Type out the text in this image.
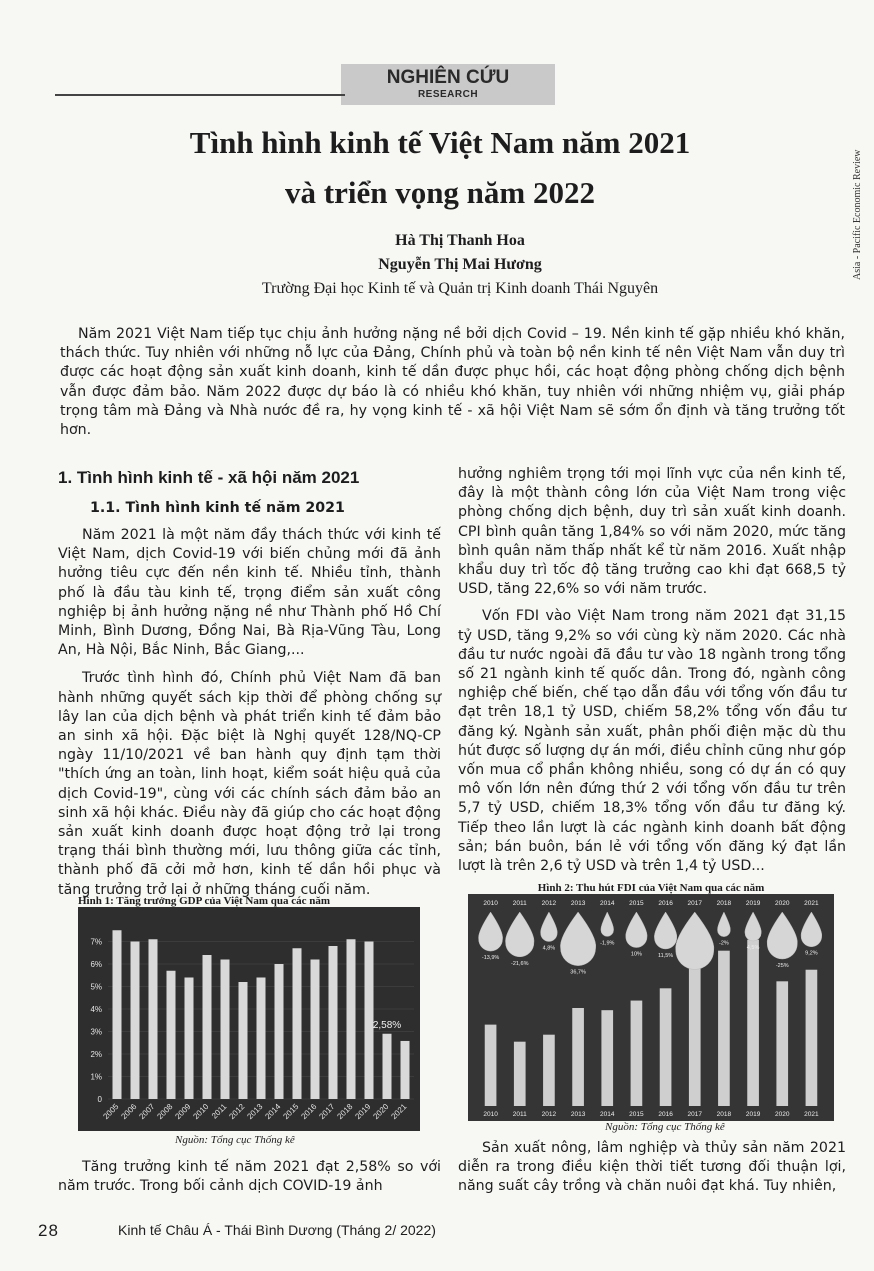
NGHIÊN CỨU
RESEARCH
Asia - Pacific Economic Review
Tình hình kinh tế Việt Nam năm 2021
và triển vọng năm 2022
Hà Thị Thanh Hoa
Nguyễn Thị Mai Hương
Trường Đại học Kinh tế và Quản trị Kinh doanh Thái Nguyên

Năm 2021 Việt Nam tiếp tục chịu ảnh hưởng nặng nề bởi dịch Covid – 19. Nền kinh tế gặp nhiều khó khăn, thách thức. Tuy nhiên với những nỗ lực của Đảng, Chính phủ và toàn bộ nền kinh tế nên Việt Nam vẫn duy trì được các hoạt động sản xuất kinh doanh, kinh tế dần được phục hồi, các hoạt động phòng chống dịch bệnh vẫn được đảm bảo. Năm 2022 được dự báo là có nhiều khó khăn, tuy nhiên với những nhiệm vụ, giải pháp trọng tâm mà Đảng và Nhà nước đề ra, hy vọng kinh tế - xã hội Việt Nam sẽ sớm ổn định và tăng trưởng tốt hơn.

1. Tình hình kinh tế - xã hội năm 2021
1.1. Tình hình kinh tế năm 2021

Năm 2021 là một năm đầy thách thức với kinh tế Việt Nam, dịch Covid-19 với biến chủng mới đã ảnh hưởng tiêu cực đến nền kinh tế. Nhiều tỉnh, thành phố là đầu tàu kinh tế, trọng điểm sản xuất công nghiệp bị ảnh hưởng nặng nề như Thành phố Hồ Chí Minh, Bình Dương, Đồng Nai, Bà Rịa-Vũng Tàu, Long An, Hà Nội, Bắc Ninh, Bắc Giang,...

Trước tình hình đó, Chính phủ Việt Nam đã ban hành những quyết sách kịp thời để phòng chống sự lây lan của dịch bệnh và phát triển kinh tế đảm bảo an sinh xã hội. Đặc biệt là Nghị quyết 128/NQ-CP ngày 11/10/2021 về ban hành quy định tạm thời "thích ứng an toàn, linh hoạt, kiểm soát hiệu quả của dịch Covid-19", cùng với các chính sách đảm bảo an sinh xã hội khác. Điều này đã giúp cho các hoạt động sản xuất kinh doanh được hoạt động trở lại trong trạng thái bình thường mới, lưu thông giữa các tỉnh, thành phố đã cởi mở hơn, kinh tế dần hồi phục và tăng trưởng trở lại ở những tháng cuối năm.

hưởng nghiêm trọng tới mọi lĩnh vực của nền kinh tế, đây là một thành công lớn của Việt Nam trong việc phòng chống dịch bệnh, duy trì sản xuất kinh doanh. CPI bình quân tăng 1,84% so với năm 2020, mức tăng bình quân năm thấp nhất kể từ năm 2016. Xuất nhập khẩu duy trì tốc độ tăng trưởng cao khi đạt 668,5 tỷ USD, tăng 22,6% so với năm trước.

Vốn FDI vào Việt Nam trong năm 2021 đạt 31,15 tỷ USD, tăng 9,2% so với cùng kỳ năm 2020. Các nhà đầu tư nước ngoài đã đầu tư vào 18 ngành trong tổng số 21 ngành kinh tế quốc dân. Trong đó, ngành công nghiệp chế biến, chế tạo dẫn đầu với tổng vốn đầu tư đạt trên 18,1 tỷ USD, chiếm 58,2% tổng vốn đầu tư đăng ký. Ngành sản xuất, phân phối điện mặc dù thu hút được số lượng dự án mới, điều chỉnh cũng như góp vốn mua cổ phần không nhiều, song có dự án có quy mô vốn lớn nên đứng thứ 2 với tổng vốn đầu tư trên 5,7 tỷ USD, chiếm 18,3% tổng vốn đầu tư đăng ký. Tiếp theo lần lượt là các ngành kinh doanh bất động sản; bán buôn, bán lẻ với tổng vốn đăng ký đạt lần lượt là trên 2,6 tỷ USD và trên 1,4 tỷ USD...

Hình 1: Tăng trưởng GDP của Việt Nam qua các năm
0
1%
2%
3%
4%
5%
6%
7%
2005 2006 2007 2008 2009 2010 2011 2012 2013 2014 2015 2016 2017 2018 2019 2020 2021
2,58%
Nguồn: Tổng cục Thống kê
Hình 2: Thu hút FDI của Việt Nam qua các năm
2010
2010
-13,9%
2011
2011
-21,6%
2012
2012
4,8%
2013
2013
36,7%
2014
2014
-1,9%
2015
2015
10%
2016
2016
11,5%
2017
2017
2018
2018
-2%
2019
2019
4,5%
2020
2020
-25%
2021
2021
9,2%
Nguồn: Tổng cục Thống kê

Tăng trưởng kinh tế năm 2021 đạt 2,58% so với năm trước. Trong bối cảnh dịch COVID-19 ảnh

Sản xuất nông, lâm nghiệp và thủy sản năm 2021 diễn ra trong điều kiện thời tiết tương đối thuận lợi, năng suất cây trồng và chăn nuôi đạt khá. Tuy nhiên,

28	Kinh tế Châu Á - Thái Bình Dương (Tháng 2/ 2022)
